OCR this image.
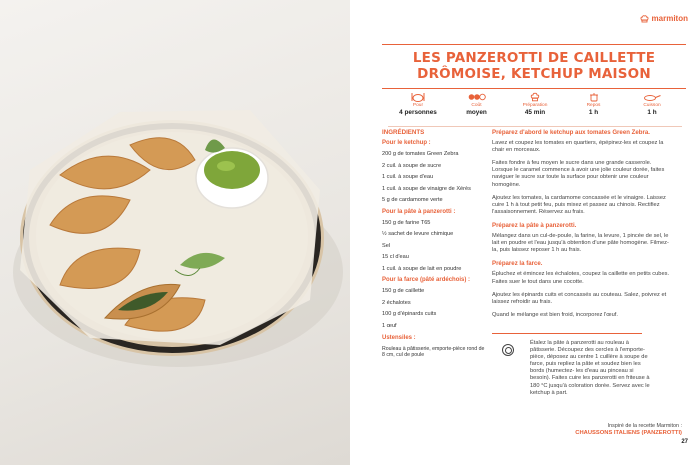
marmiton
LES PANZEROTTI DE CAILLETTE
DRÔMOISE, KETCHUP MAISON
Pour
4 personnes
Coût
moyen
Préparation
45 min
Repos
1 h
Cuisson
1 h
INGRÉDIENTS
Pour le ketchup :
200 g de tomates Green Zebra
2 cuil. à soupe de sucre
1 cuil. à soupe d'eau
1 cuil. à soupe de vinaigre de Xérès
5 g de cardamome verte
Pour la pâte à panzerotti :
150 g de farine T65
½ sachet de levure chimique
Sel
15 cl d'eau
1 cuil. à soupe de lait en poudre
Pour la farce (pâté ardéchois) :
150 g de caillette
2 échalotes
100 g d'épinards cuits
1 œuf
Ustensiles :
Rouleau à pâtisserie, emporte-pièce rond de 8 cm, cul de poule
Préparez d'abord le ketchup aux tomates Green Zebra.
Lavez et coupez les tomates en quartiers, épépinez-les et coupez la chair en morceaux.
Faites fondre à feu moyen le sucre dans une grande casserole. Lorsque le caramel commence à avoir une jolie couleur dorée, faites naviguer le sucre sur toute la surface pour obtenir une couleur homogène.
Ajoutez les tomates, la cardamome concassée et le vinaigre. Laissez cuire 1 h à tout petit feu, puis mixez et passez au chinois. Rectifiez l'assaisonnement. Réservez au frais.
Préparez la pâte à panzerotti.
Mélangez dans un cul-de-poule, la farine, la levure, 1 pincée de sel, le lait en poudre et l'eau jusqu'à obtention d'une pâte homogène. Filmez-la, puis laissez reposer 1 h au frais.
Préparez la farce.
Épluchez et émincez les échalotes, coupez la caillette en petits cubes. Faites suer le tout dans une cocotte.
Ajoutez les épinards cuits et concassés au couteau. Salez, poivrez et laissez refroidir au frais.
Quand le mélange est bien froid, incorporez l'œuf.
Étalez la pâte à panzerotti au rouleau à pâtisserie. Découpez des cercles à l'emporte-pièce, déposez au centre 1 cuillère à soupe de farce, puis repliez la pâte et soudez bien les bords (humectez- les d'eau au pinceau si besoin). Faites cuire les panzerotti en friteuse à 180 °C jusqu'à coloration dorée. Servez avec le ketchup à part.
Inspiré de la recette Marmiton :
CHAUSSONS ITALIENS (PANZEROTTI)
27
